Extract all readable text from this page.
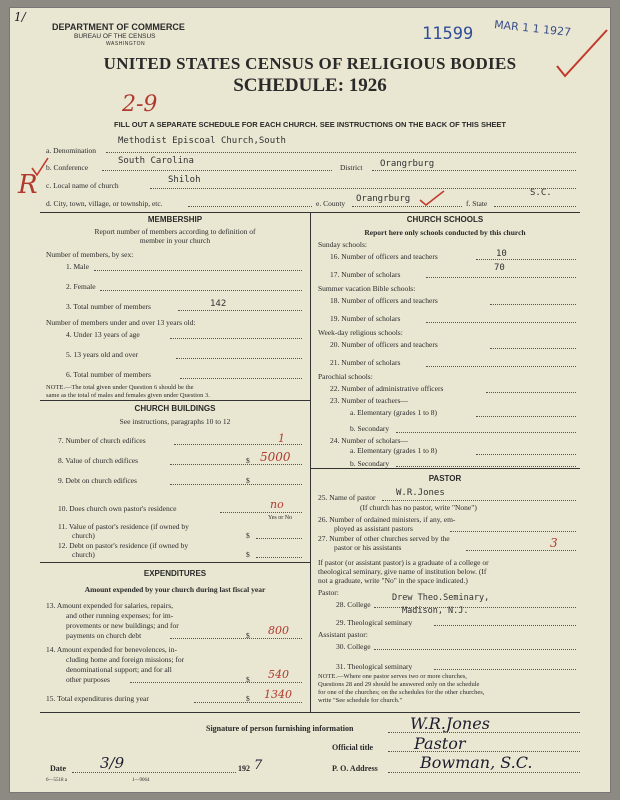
1/
DEPARTMENT OF COMMERCE
BUREAU OF THE CENSUS
WASHINGTON	11599 MAR 1 1 1927
UNITED STATES CENSUS OF RELIGIOUS BODIES
SCHEDULE: 1926
2-9
FILL OUT A SEPARATE SCHEDULE FOR EACH CHURCH. SEE INSTRUCTIONS ON THE BACK OF THIS SHEET
R
a. Denomination
Methodist Episcoal Church,South
b. Conference
South Carolina
District Orangrburg
c. Local name of church
Shiloh
d. City, town, village, or township, etc.	e. County Orangrburg	f. State
S.C.
MEMBERSHIP
Report number of members according to definition of
member in your church
Number of members, by sex:
1. Male
2. Female
3. Total number of members	142
Number of members under and over 13 years old:
4. Under 13 years of age
5. 13 years old and over
6. Total number of members
NOTE.—The total given under Question 6 should be the
same as the total of males and females given under Question 3.
CHURCH BUILDINGS
See instructions, paragraphs 10 to 12
7. Number of church edifices	1
8. Value of church edifices	$ 5000
9. Debt on church edifices	$
10. Does church own pastor's residence	no
Yes or No
11. Value of pastor's residence (if owned by
church)	$
12. Debt on pastor's residence (if owned by
church)	$
EXPENDITURES
Amount expended by your church during last fiscal year
13. Amount expended for salaries, repairs,
and other running expenses; for im-
provements or new buildings; and for
payments on church debt	$ 800
14. Amount expended for benevolences, in-
cluding home and foreign missions; for
denominational support; and for all
other purposes	$ 540
15. Total expenditures during year	$ 1340
CHURCH SCHOOLS
Report here only schools conducted by this church
Sunday schools:
16. Number of officers and teachers	10
17. Number of scholars
70
Summer vacation Bible schools:
18. Number of officers and teachers
19. Number of scholars
Week-day religious schools:
20. Number of officers and teachers
21. Number of scholars
Parochial schools:
22. Number of administrative officers
23. Number of teachers—
a. Elementary (grades 1 to 8)
b. Secondary
24. Number of scholars—
a. Elementary (grades 1 to 8)
b. Secondary
PASTOR
25. Name of pastor W.R.Jones
(If church has no pastor, write "None")
26. Number of ordained ministers, if any, em-
ployed as assistant pastors
27. Number of other churches served by the
pastor or his assistants	3
If pastor (or assistant pastor) is a graduate of a college or
theological seminary, give name of institution below. (If
not a graduate, write "No" in the space indicated.)
Pastor:
28. College
Drew Theo.Seminary,
Madison, N.J.
29. Theological seminary
Assistant pastor:
30. College
31. Theological seminary
NOTE.—Where one pastor serves two or more churches,
Questions 28 and 29 should be answered only on the schedule
for one of the churches; on the schedules for the other churches,
write "See schedule for church."
Signature of person furnishing information	W.R.Jones
Official title	Pastor
Date 3/9	192 7	P. O. Address	Bowman, S.C.
6—5518 a	1—9064
